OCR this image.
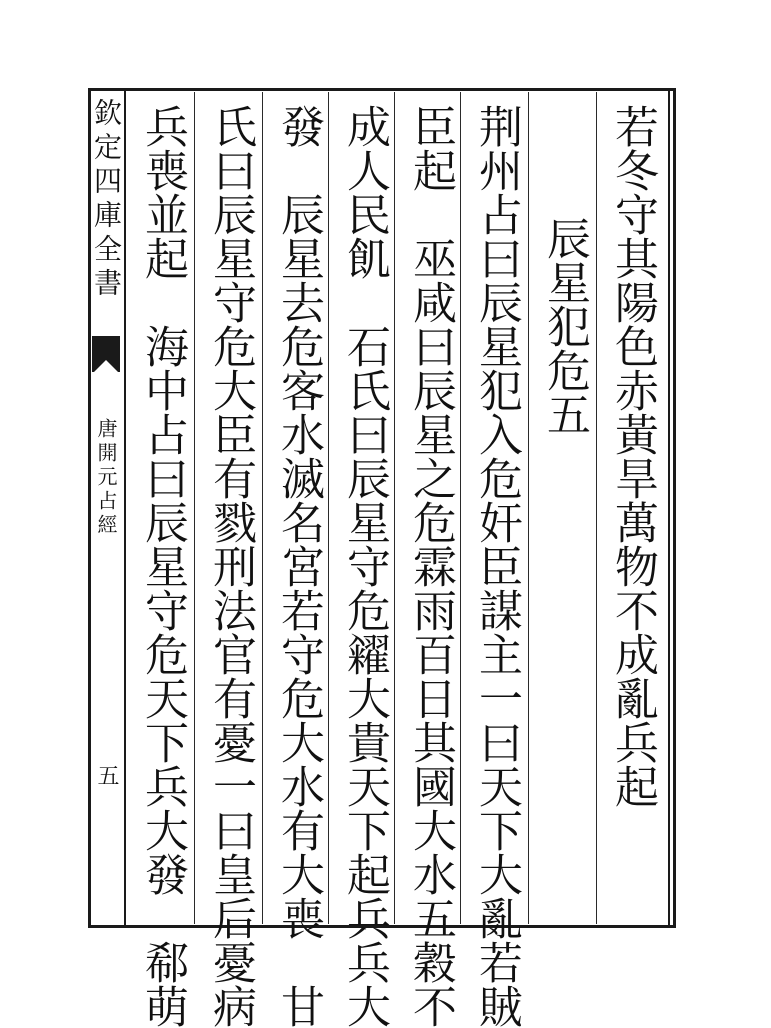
欽定四庫全書
唐開元占經
五	若冬守其陽色赤黃旱萬物不成亂兵起
辰星犯危五
荆州占曰辰星犯入危奸臣謀主一曰天下大亂若賊
臣起　巫咸曰辰星之危霖雨百日其國大水五穀不
成人民飢　石氏曰辰星守危糴大貴天下起兵兵大
發　辰星去危客水滅名宮若守危大水有大喪　甘
氏曰辰星守危大臣有戮刑法官有憂一曰皇后憂病
兵喪並起　海中占曰辰星守危天下兵大發　郗萌
